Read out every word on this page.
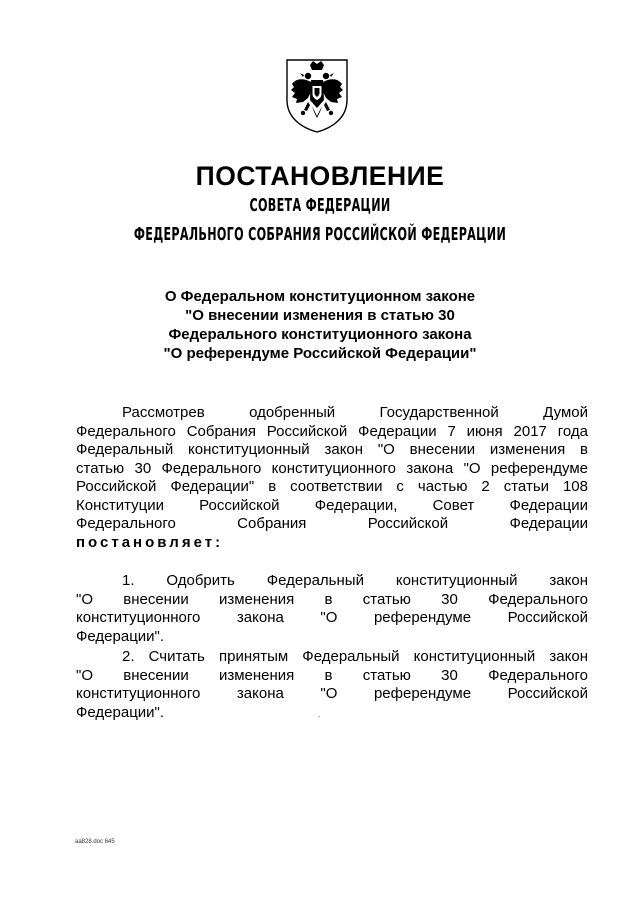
ПОСТАНОВЛЕНИЕ
СОВЕТА ФЕДЕРАЦИИ
ФЕДЕРАЛЬНОГО СОБРАНИЯ РОССИЙСКОЙ ФЕДЕРАЦИИ
О Федеральном конституционном законе
"О внесении изменения в статью 30
Федерального конституционного закона
"О референдуме Российской Федерации"
Рассмотрев одобренный Государственной Думой
Федерального Собрания Российской Федерации 7 июня 2017 года
Федеральный конституционный закон "О внесении изменения в
статью 30 Федерального конституционного закона "О референдуме
Российской Федерации" в соответствии с частью 2 статьи 108
Конституции Российской Федерации, Совет Федерации
Федерального Собрания Российской Федерации
постановляет:
1. Одобрить Федеральный конституционный закон
"О внесении изменения в статью 30 Федерального
конституционного закона "О референдуме Российской
Федерации".
2. Считать принятым Федеральный конституционный закон
"О внесении изменения в статью 30 Федерального
конституционного закона "О референдуме Российской
Федерации".
aa828.doc 645
